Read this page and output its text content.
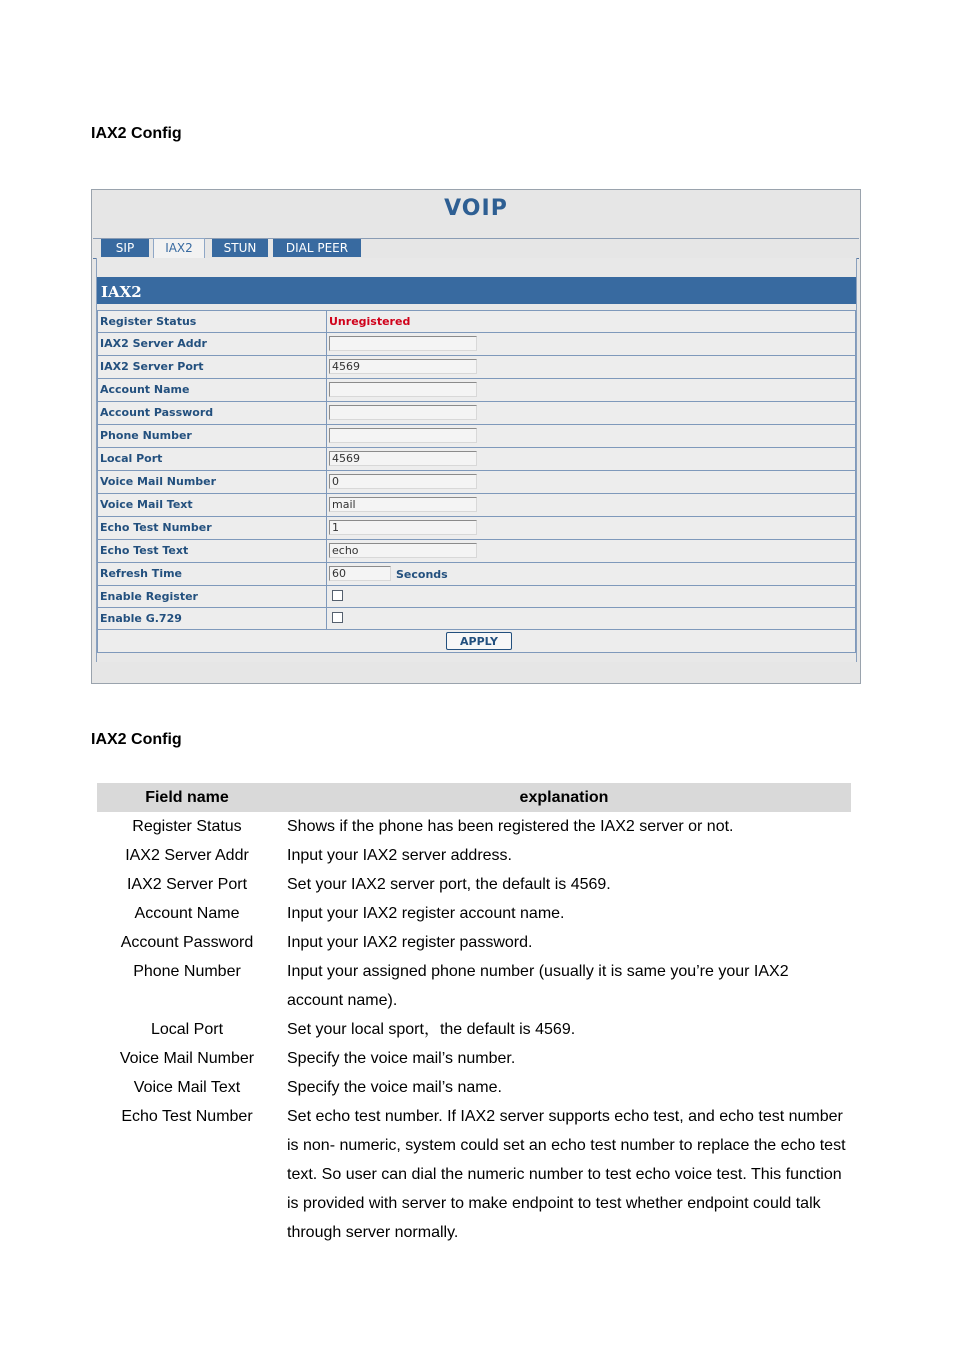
IAX2 Config
VOIP
SIP	IAX2	STUN	DIAL PEER
IAX2
Register Status	Unregistered
IAX2 Server Addr
IAX2 Server Port	4569
Account Name
Account Password
Phone Number
Local Port	4569
Voice Mail Number	0
Voice Mail Text	mail
Echo Test Number	1
Echo Test Text	echo
Refresh Time	60	Seconds
Enable Register
Enable G.729
APPLY
IAX2 Config
Field name	explanation
Register Status	Shows if the phone has been registered the IAX2 server or not.
IAX2 Server Addr	Input your IAX2 server address.
IAX2 Server Port	Set your IAX2 server port, the default is 4569.
Account Name	Input your IAX2 register account name.
Account Password	Input your IAX2 register password.
Phone Number	Input your assigned phone number (usually it is same you’re your IAX2 account name).
Local Port	Set your local sport，the default is 4569.
Voice Mail Number	Specify the voice mail’s number.
Voice Mail Text	Specify the voice mail’s name.
Echo Test Number	Set echo test number. If IAX2 server supports echo test, and echo test number is non- numeric, system could set an echo test number to replace the echo test text. So user can dial the numeric number to test echo voice test. This function is provided with server to make endpoint to test whether endpoint could talk through server normally.
